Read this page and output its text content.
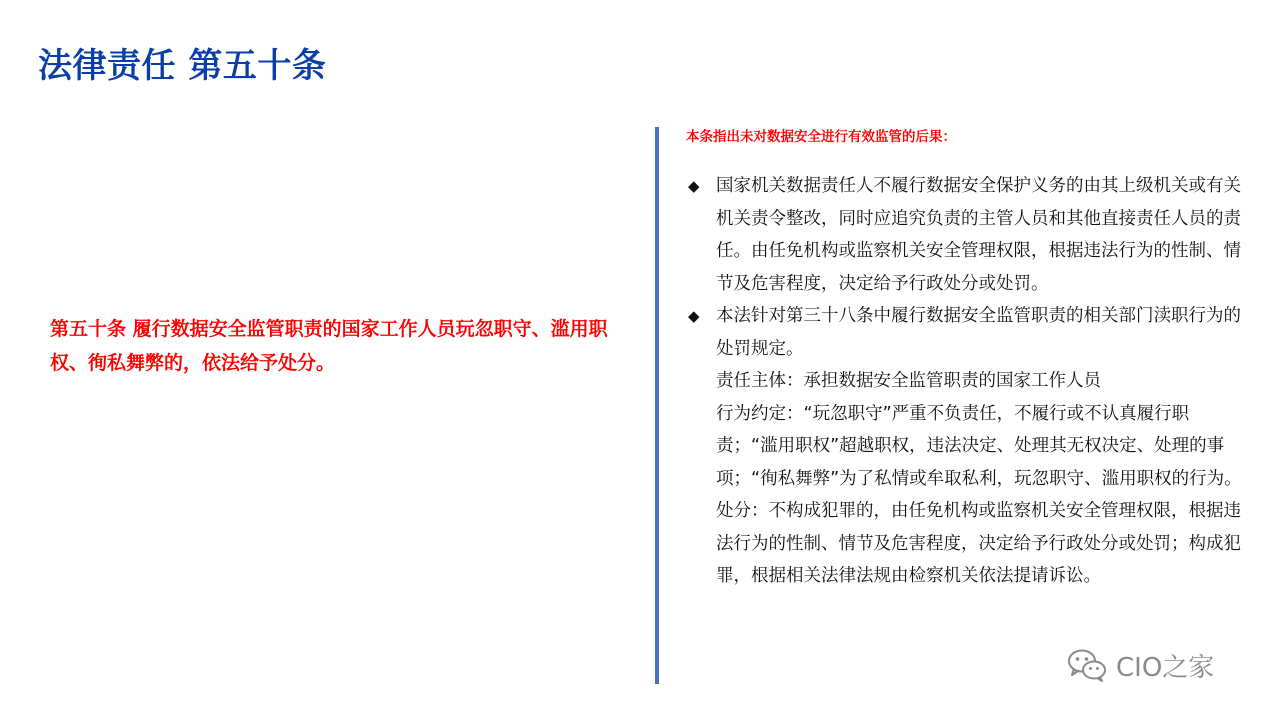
法律责任 第五十条
第五十条 履行数据安全监管职责的国家工作人员玩忽职守、滥用职权、徇私舞弊的，依法给予处分。
本条指出未对数据安全进行有效监管的后果：
◆ 国家机关数据责任人不履行数据安全保护义务的由其上级机关或有关机关责令整改，同时应追究负责的主管人员和其他直接责任人员的责任。由任免机构或监察机关安全管理权限，根据违法行为的性制、情节及危害程度，决定给予行政处分或处罚。
◆ 本法针对第三十八条中履行数据安全监管职责的相关部门渎职行为的处罚规定。
责任主体：承担数据安全监管职责的国家工作人员
行为约定：“玩忽职守”严重不负责任，不履行或不认真履行职责；“滥用职权”超越职权，违法决定、处理其无权决定、处理的事项；“徇私舞弊”为了私情或牟取私利，玩忽职守、滥用职权的行为。
处分：不构成犯罪的，由任免机构或监察机关安全管理权限，根据违法行为的性制、情节及危害程度，决定给予行政处分或处罚；构成犯罪，根据相关法律法规由检察机关依法提请诉讼。
CIO之家
